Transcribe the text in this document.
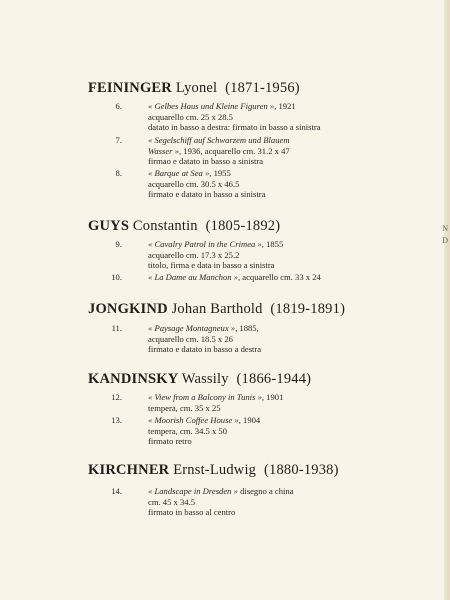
N
D
FEININGER Lyonel (1871-1956)
6.	« Gelbes Haus und Kleine Figuren », 1921
acquarello cm. 25 x 28.5
datato in basso a destra: firmato in basso a sinistra
7.	« Segelschiff auf Schwarzem und Blauem
Wasser », 1936, acquarello cm. 31.2 x 47
firmao e datato in basso a sinistra
8.	« Barque at Sea », 1955
acquarello cm. 30.5 x 46.5
firmato e datato in basso a sinistra
GUYS Constantin (1805-1892)
9.	« Cavalry Patrol in the Crimea », 1855
acquarello cm. 17.3 x 25.2
titolo, firma e data in basso a sinistra
10.	« La Dame au Manchon », acquarello cm. 33 x 24
JONGKIND Johan Barthold (1819-1891)
11.	« Paysage Montagneux », 1885,
acquarello cm. 18.5 x 26
firmato e datato in basso a destra
KANDINSKY Wassily (1866-1944)
12.	« View from a Balcony in Tunis », 1901
tempera, cm. 35 x 25
13.	« Moorish Coffee House », 1904
tempera, cm. 34.5 x 50
firmato retro
KIRCHNER Ernst-Ludwig (1880-1938)
14.	« Landscape in Dresden » disegno a china
cm. 45 x 34.5
firmato in basso al centro
